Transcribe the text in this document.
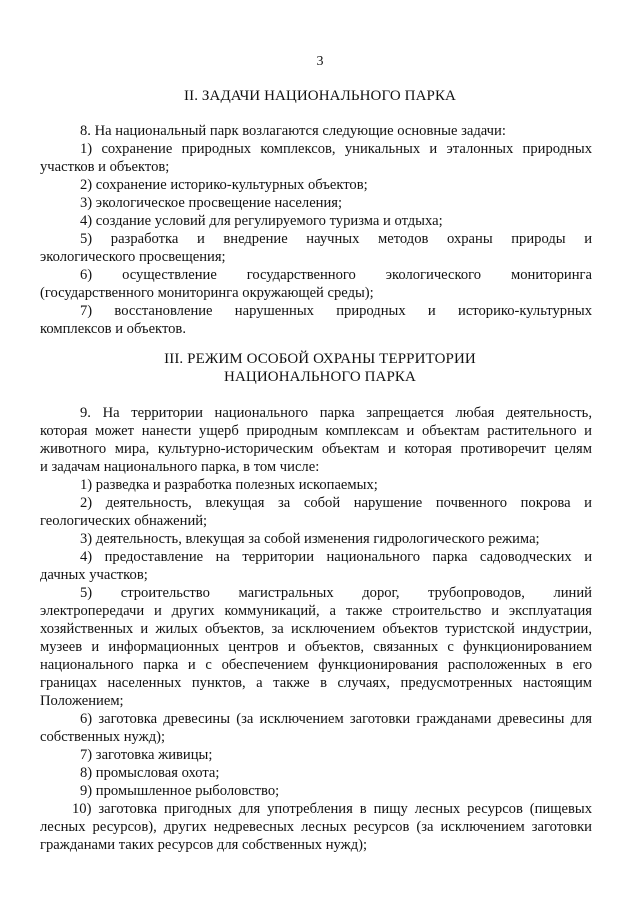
3
II. ЗАДАЧИ НАЦИОНАЛЬНОГО ПАРКА
8. На национальный парк возлагаются следующие основные задачи:
1) сохранение природных комплексов, уникальных и эталонных природных
участков и объектов;
2) сохранение историко-культурных объектов;
3) экологическое просвещение населения;
4) создание условий для регулируемого туризма и отдыха;
5) разработка и внедрение научных методов охраны природы и
экологического просвещения;
6) осуществление государственного экологического мониторинга
(государственного мониторинга окружающей среды);
7) восстановление нарушенных природных и историко-культурных
комплексов и объектов.
III. РЕЖИМ ОСОБОЙ ОХРАНЫ ТЕРРИТОРИИ
НАЦИОНАЛЬНОГО ПАРКА
9. На территории национального парка запрещается любая деятельность,
которая может нанести ущерб природным комплексам и объектам растительного и
животного мира, культурно-историческим объектам и которая противоречит целям
и задачам национального парка, в том числе:
1) разведка и разработка полезных ископаемых;
2) деятельность, влекущая за собой нарушение почвенного покрова и
геологических обнажений;
3) деятельность, влекущая за собой изменения гидрологического режима;
4) предоставление на территории национального парка садоводческих и
дачных участков;
5) строительство магистральных дорог, трубопроводов, линий
электропередачи и других коммуникаций, а также строительство и эксплуатация
хозяйственных и жилых объектов, за исключением объектов туристской индустрии,
музеев и информационных центров и объектов, связанных с функционированием
национального парка и с обеспечением функционирования расположенных в его
границах населенных пунктов, а также в случаях, предусмотренных настоящим
Положением;
6) заготовка древесины (за исключением заготовки гражданами древесины для
собственных нужд);
7) заготовка живицы;
8) промысловая охота;
9) промышленное рыболовство;
10) заготовка пригодных для употребления в пищу лесных ресурсов (пищевых
лесных ресурсов), других недревесных лесных ресурсов (за исключением заготовки
гражданами таких ресурсов для собственных нужд);
